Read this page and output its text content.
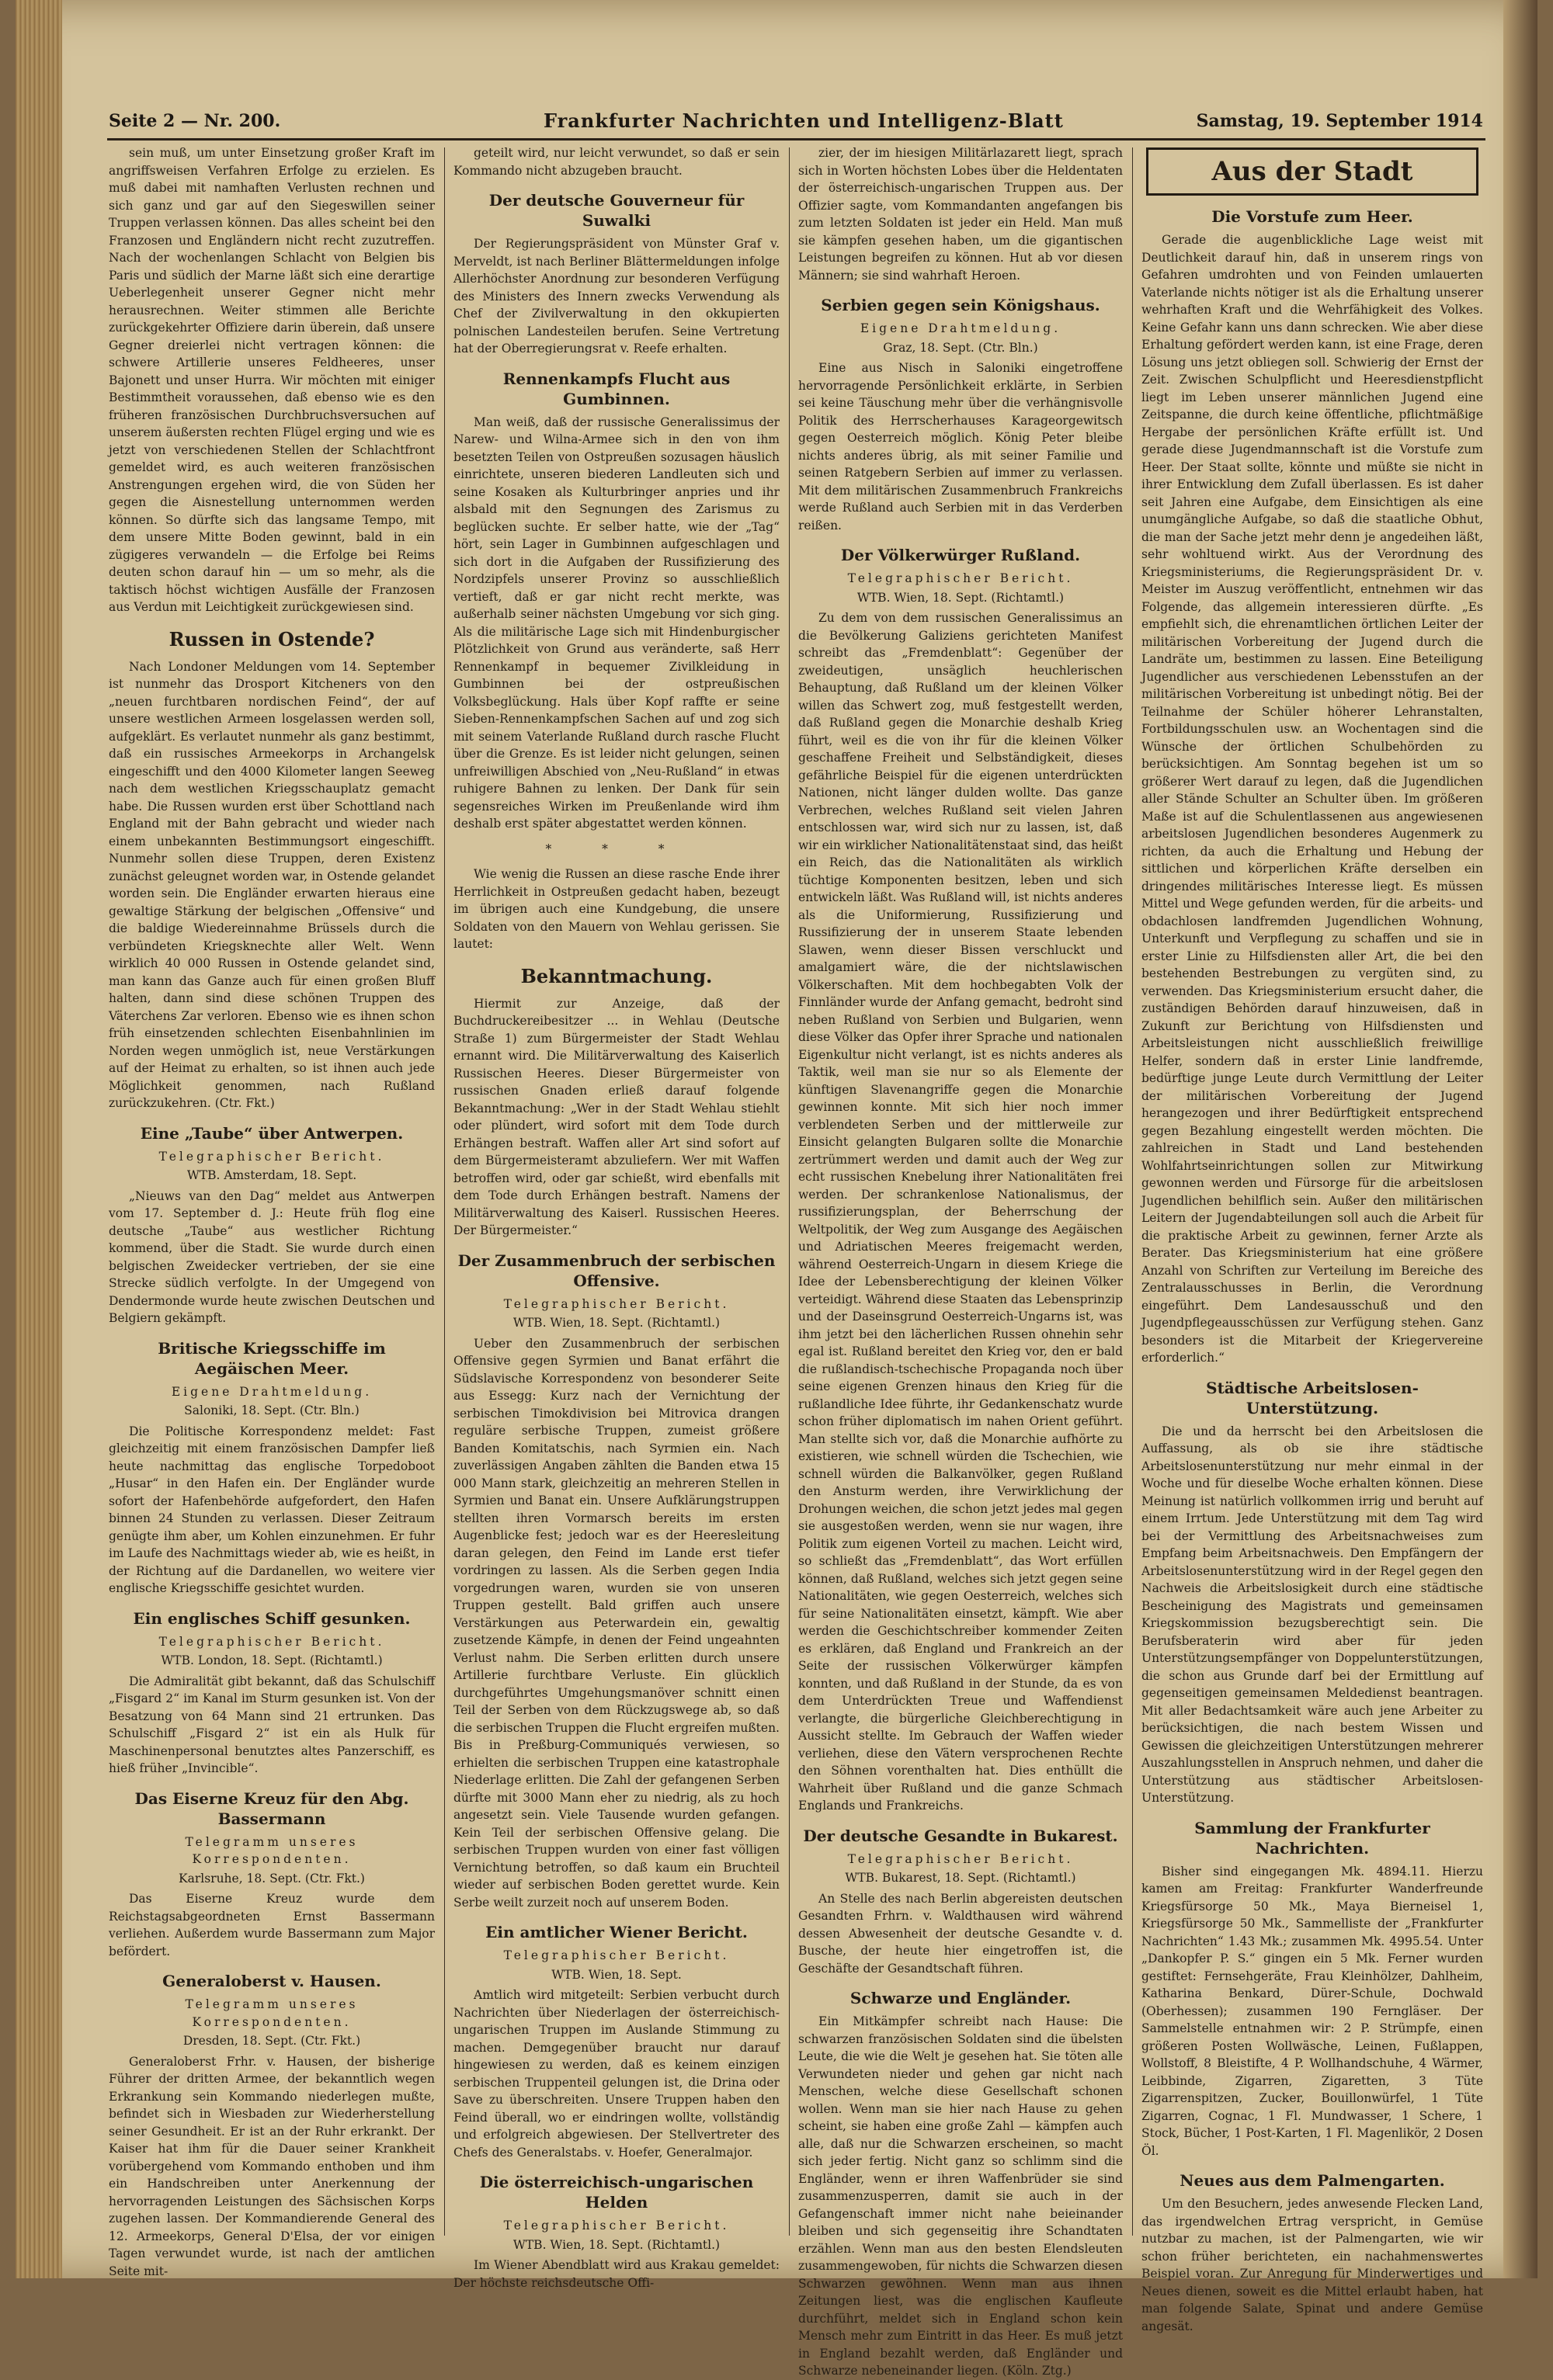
Seite 2 — Nr. 200.	Frankfurter Nachrichten und Intelligenz-Blatt	Samstag, 19. September 1914

sein muß, um unter Einsetzung großer Kraft im angriffsweisen Verfahren Erfolge zu erzielen. Es muß dabei mit namhaften Verlusten rechnen und sich ganz und gar auf den Siegeswillen seiner Truppen verlassen können. Das alles scheint bei den Franzosen und Engländern nicht recht zuzutreffen. Nach der wochenlangen Schlacht von Belgien bis Paris und südlich der Marne läßt sich eine derartige Ueberlegenheit unserer Gegner nicht mehr herausrechnen. Weiter stimmen alle Berichte zurückgekehrter Offiziere darin überein, daß unsere Gegner dreierlei nicht vertragen können: die schwere Artillerie unseres Feldheeres, unser Bajonett und unser Hurra. Wir möchten mit einiger Bestimmtheit voraussehen, daß ebenso wie es den früheren französischen Durchbruchsversuchen auf unserem äußersten rechten Flügel erging und wie es jetzt von verschiedenen Stellen der Schlachtfront gemeldet wird, es auch weiteren französischen Anstrengungen ergehen wird, die von Süden her gegen die Aisnestellung unternommen werden können. So dürfte sich das langsame Tempo, mit dem unsere Mitte Boden gewinnt, bald in ein zügigeres verwandeln — die Erfolge bei Reims deuten schon darauf hin — um so mehr, als die taktisch höchst wichtigen Ausfälle der Franzosen aus Verdun mit Leichtigkeit zurückgewiesen sind.

Russen in Ostende?

Nach Londoner Meldungen vom 14. September ist nunmehr das Drosport Kitcheners von den „neuen furchtbaren nordischen Feind“, der auf unsere westlichen Armeen losgelassen werden soll, aufgeklärt. Es verlautet nunmehr als ganz bestimmt, daß ein russisches Armeekorps in Archangelsk eingeschifft und den 4000 Kilometer langen Seeweg nach dem westlichen Kriegsschauplatz gemacht habe. Die Russen wurden erst über Schottland nach England mit der Bahn gebracht und wieder nach einem unbekannten Bestimmungsort eingeschifft. Nunmehr sollen diese Truppen, deren Existenz zunächst geleugnet worden war, in Ostende gelandet worden sein. Die Engländer erwarten hieraus eine gewaltige Stärkung der belgischen „Offensive“ und die baldige Wiedereinnahme Brüssels durch die verbündeten Kriegsknechte aller Welt. Wenn wirklich 40 000 Russen in Ostende gelandet sind, man kann das Ganze auch für einen großen Bluff halten, dann sind diese schönen Truppen des Väterchens Zar verloren. Ebenso wie es ihnen schon früh einsetzenden schlechten Eisenbahnlinien im Norden wegen unmöglich ist, neue Verstärkungen auf der Heimat zu erhalten, so ist ihnen auch jede Möglichkeit genommen, nach Rußland zurückzukehren. (Ctr. Fkt.)

Eine „Taube“ über Antwerpen.
Telegraphischer Bericht.
WTB. Amsterdam, 18. Sept.

„Nieuws van den Dag“ meldet aus Antwerpen vom 17. September d. J.: Heute früh flog eine deutsche „Taube“ aus westlicher Richtung kommend, über die Stadt. Sie wurde durch einen belgischen Zweidecker vertrieben, der sie eine Strecke südlich verfolgte. In der Umgegend von Dendermonde wurde heute zwischen Deutschen und Belgiern gekämpft.

Britische Kriegsschiffe im Aegäischen Meer.
Eigene Drahtmeldung.
Saloniki, 18. Sept. (Ctr. Bln.)

Die Politische Korrespondenz meldet: Fast gleichzeitig mit einem französischen Dampfer ließ heute nachmittag das englische Torpedoboot „Husar“ in den Hafen ein. Der Engländer wurde sofort der Hafenbehörde aufgefordert, den Hafen binnen 24 Stunden zu verlassen. Dieser Zeitraum genügte ihm aber, um Kohlen einzunehmen. Er fuhr im Laufe des Nachmittags wieder ab, wie es heißt, in der Richtung auf die Dardanellen, wo weitere vier englische Kriegsschiffe gesichtet wurden.

Ein englisches Schiff gesunken.
Telegraphischer Bericht.
WTB. London, 18. Sept. (Richtamtl.)

Die Admiralität gibt bekannt, daß das Schulschiff „Fisgard 2“ im Kanal im Sturm gesunken ist. Von der Besatzung von 64 Mann sind 21 ertrunken. Das Schulschiff „Fisgard 2“ ist ein als Hulk für Maschinenpersonal benutztes altes Panzerschiff, es hieß früher „Invincible“.

Das Eiserne Kreuz für den Abg. Bassermann
Telegramm unseres Korrespondenten.
Karlsruhe, 18. Sept. (Ctr. Fkt.)

Das Eiserne Kreuz wurde dem Reichstagsabgeordneten Ernst Bassermann verliehen. Außerdem wurde Bassermann zum Major befördert.

Generaloberst v. Hausen.
Telegramm unseres Korrespondenten.
Dresden, 18. Sept. (Ctr. Fkt.)

Generaloberst Frhr. v. Hausen, der bisherige Führer der dritten Armee, der bekanntlich wegen Erkrankung sein Kommando niederlegen mußte, befindet sich in Wiesbaden zur Wiederherstellung seiner Gesundheit. Er ist an der Ruhr erkrankt. Der Kaiser hat ihm für die Dauer seiner Krankheit vorübergehend vom Kommando enthoben und ihm ein Handschreiben unter Anerkennung der hervorragenden Leistungen des Sächsischen Korps zugehen lassen. Der Kommandierende General des 12. Armeekorps, General D'Elsa, der vor einigen Tagen verwundet wurde, ist nach der amtlichen Seite mit-

geteilt wird, nur leicht verwundet, so daß er sein Kommando nicht abzugeben braucht.

Der deutsche Gouverneur für Suwalki

Der Regierungspräsident von Münster Graf v. Merveldt, ist nach Berliner Blättermeldungen infolge Allerhöchster Anordnung zur besonderen Verfügung des Ministers des Innern zwecks Verwendung als Chef der Zivilverwaltung in den okkupierten polnischen Landesteilen berufen. Seine Vertretung hat der Oberregierungsrat v. Reefe erhalten.

Rennenkampfs Flucht aus Gumbinnen.

Man weiß, daß der russische Generalissimus der Narew- und Wilna-Armee sich in den von ihm besetzten Teilen von Ostpreußen sozusagen häuslich einrichtete, unseren biederen Landleuten sich und seine Kosaken als Kulturbringer anpries und ihr alsbald mit den Segnungen des Zarismus zu beglücken suchte. Er selber hatte, wie der „Tag“ hört, sein Lager in Gumbinnen aufgeschlagen und sich dort in die Aufgaben der Russifizierung des Nordzipfels unserer Provinz so ausschließlich vertieft, daß er gar nicht recht merkte, was außerhalb seiner nächsten Umgebung vor sich ging. Als die militärische Lage sich mit Hindenburgischer Plötzlichkeit von Grund aus veränderte, saß Herr Rennenkampf in bequemer Zivilkleidung in Gumbinnen bei der ostpreußischen Volksbeglückung. Hals über Kopf raffte er seine Sieben-Rennenkampfschen Sachen auf und zog sich mit seinem Vaterlande Rußland durch rasche Flucht über die Grenze. Es ist leider nicht gelungen, seinen unfreiwilligen Abschied von „Neu-Rußland“ in etwas ruhigere Bahnen zu lenken. Der Dank für sein segensreiches Wirken im Preußenlande wird ihm deshalb erst später abgestattet werden können.

* * *

Wie wenig die Russen an diese rasche Ende ihrer Herrlichkeit in Ostpreußen gedacht haben, bezeugt im übrigen auch eine Kundgebung, die unsere Soldaten von den Mauern von Wehlau gerissen. Sie lautet:

Bekanntmachung.

Hiermit zur Anzeige, daß der Buchdruckereibesitzer ... in Wehlau (Deutsche Straße 1) zum Bürgermeister der Stadt Wehlau ernannt wird. Die Militärverwaltung des Kaiserlich Russischen Heeres. Dieser Bürgermeister von russischen Gnaden erließ darauf folgende Bekanntmachung: „Wer in der Stadt Wehlau stiehlt oder plündert, wird sofort mit dem Tode durch Erhängen bestraft. Waffen aller Art sind sofort auf dem Bürgermeisteramt abzuliefern. Wer mit Waffen betroffen wird, oder gar schießt, wird ebenfalls mit dem Tode durch Erhängen bestraft. Namens der Militärverwaltung des Kaiserl. Russischen Heeres. Der Bürgermeister.“

Der Zusammenbruch der serbischen Offensive.
Telegraphischer Bericht.
WTB. Wien, 18. Sept. (Richtamtl.)

Ueber den Zusammenbruch der serbischen Offensive gegen Syrmien und Banat erfährt die Südslavische Korrespondenz von besonderer Seite aus Essegg: Kurz nach der Vernichtung der serbischen Timokdivision bei Mitrovica drangen reguläre serbische Truppen, zumeist größere Banden Komitatschis, nach Syrmien ein. Nach zuverlässigen Angaben zählten die Banden etwa 15 000 Mann stark, gleichzeitig an mehreren Stellen in Syrmien und Banat ein. Unsere Aufklärungstruppen stellten ihren Vormarsch bereits im ersten Augenblicke fest; jedoch war es der Heeresleitung daran gelegen, den Feind im Lande erst tiefer vordringen zu lassen. Als die Serben gegen India vorgedrungen waren, wurden sie von unseren Truppen gestellt. Bald griffen auch unsere Verstärkungen aus Peterwardein ein, gewaltig zusetzende Kämpfe, in denen der Feind ungeahnten Verlust nahm. Die Serben erlitten durch unsere Artillerie furchtbare Verluste. Ein glücklich durchgeführtes Umgehungsmanöver schnitt einen Teil der Serben von dem Rückzugswege ab, so daß die serbischen Truppen die Flucht ergreifen mußten. Bis in Preßburg-Communiqués verwiesen, so erhielten die serbischen Truppen eine katastrophale Niederlage erlitten. Die Zahl der gefangenen Serben dürfte mit 3000 Mann eher zu niedrig, als zu hoch angesetzt sein. Viele Tausende wurden gefangen. Kein Teil der serbischen Offensive gelang. Die serbischen Truppen wurden von einer fast völligen Vernichtung betroffen, so daß kaum ein Bruchteil wieder auf serbischen Boden gerettet wurde. Kein Serbe weilt zurzeit noch auf unserem Boden.

Ein amtlicher Wiener Bericht.
Telegraphischer Bericht.
WTB. Wien, 18. Sept.

Amtlich wird mitgeteilt: Serbien verbucht durch Nachrichten über Niederlagen der österreichisch-ungarischen Truppen im Auslande Stimmung zu machen. Demgegenüber braucht nur darauf hingewiesen zu werden, daß es keinem einzigen serbischen Truppenteil gelungen ist, die Drina oder Save zu überschreiten. Unsere Truppen haben den Feind überall, wo er eindringen wollte, vollständig und erfolgreich abgewiesen. Der Stellvertreter des Chefs des Generalstabs. v. Hoefer, Generalmajor.

Die österreichisch-ungarischen Helden
Telegraphischer Bericht.
WTB. Wien, 18. Sept. (Richtamtl.)

Im Wiener Abendblatt wird aus Krakau gemeldet: Der höchste reichsdeutsche Offi-

zier, der im hiesigen Militärlazarett liegt, sprach sich in Worten höchsten Lobes über die Heldentaten der österreichisch-ungarischen Truppen aus. Der Offizier sagte, vom Kommandanten angefangen bis zum letzten Soldaten ist jeder ein Held. Man muß sie kämpfen gesehen haben, um die gigantischen Leistungen begreifen zu können. Hut ab vor diesen Männern; sie sind wahrhaft Heroen.

Serbien gegen sein Königshaus.
Eigene Drahtmeldung.
Graz, 18. Sept. (Ctr. Bln.)

Eine aus Nisch in Saloniki eingetroffene hervorragende Persönlichkeit erklärte, in Serbien sei keine Täuschung mehr über die verhängnisvolle Politik des Herrscherhauses Karageorgewitsch gegen Oesterreich möglich. König Peter bleibe nichts anderes übrig, als mit seiner Familie und seinen Ratgebern Serbien auf immer zu verlassen. Mit dem militärischen Zusammenbruch Frankreichs werde Rußland auch Serbien mit in das Verderben reißen.

Der Völkerwürger Rußland.
Telegraphischer Bericht.
WTB. Wien, 18. Sept. (Richtamtl.)

Zu dem von dem russischen Generalissimus an die Bevölkerung Galiziens gerichteten Manifest schreibt das „Fremdenblatt“: Gegenüber der zweideutigen, unsäglich heuchlerischen Behauptung, daß Rußland um der kleinen Völker willen das Schwert zog, muß festgestellt werden, daß Rußland gegen die Monarchie deshalb Krieg führt, weil es die von ihr für die kleinen Völker geschaffene Freiheit und Selbständigkeit, dieses gefährliche Beispiel für die eigenen unterdrückten Nationen, nicht länger dulden wollte. Das ganze Verbrechen, welches Rußland seit vielen Jahren entschlossen war, wird sich nur zu lassen, ist, daß wir ein wirklicher Nationalitätenstaat sind, das heißt ein Reich, das die Nationalitäten als wirklich tüchtige Komponenten besitzen, leben und sich entwickeln läßt. Was Rußland will, ist nichts anderes als die Uniformierung, Russifizierung und Russifizierung der in unserem Staate lebenden Slawen, wenn dieser Bissen verschluckt und amalgamiert wäre, die der nichtslawischen Völkerschaften. Mit dem hochbegabten Volk der Finnländer wurde der Anfang gemacht, bedroht sind neben Rußland von Serbien und Bulgarien, wenn diese Völker das Opfer ihrer Sprache und nationalen Eigenkultur nicht verlangt, ist es nichts anderes als Taktik, weil man sie nur so als Elemente der künftigen Slavenangriffe gegen die Monarchie gewinnen konnte. Mit sich hier noch immer verblendeten Serben und der mittlerweile zur Einsicht gelangten Bulgaren sollte die Monarchie zertrümmert werden und damit auch der Weg zur echt russischen Knebelung ihrer Nationalitäten frei werden. Der schrankenlose Nationalismus, der russifizierungsplan, der Beherrschung der Weltpolitik, der Weg zum Ausgange des Aegäischen und Adriatischen Meeres freigemacht werden, während Oesterreich-Ungarn in diesem Kriege die Idee der Lebensberechtigung der kleinen Völker verteidigt. Während diese Staaten das Lebensprinzip und der Daseinsgrund Oesterreich-Ungarns ist, was ihm jetzt bei den lächerlichen Russen ohnehin sehr egal ist. Rußland bereitet den Krieg vor, den er bald die rußlandisch-tschechische Propaganda noch über seine eigenen Grenzen hinaus den Krieg für die rußlandliche Idee führte, ihr Gedankenschatz wurde schon früher diplomatisch im nahen Orient geführt. Man stellte sich vor, daß die Monarchie aufhörte zu existieren, wie schnell würden die Tschechien, wie schnell würden die Balkanvölker, gegen Rußland den Ansturm werden, ihre Verwirklichung der Drohungen weichen, die schon jetzt jedes mal gegen sie ausgestoßen werden, wenn sie nur wagen, ihre Politik zum eigenen Vorteil zu machen. Leicht wird, so schließt das „Fremdenblatt“, das Wort erfüllen können, daß Rußland, welches sich jetzt gegen seine Nationalitäten, wie gegen Oesterreich, welches sich für seine Nationalitäten einsetzt, kämpft. Wie aber werden die Geschichtschreiber kommender Zeiten es erklären, daß England und Frankreich an der Seite der russischen Völkerwürger kämpfen konnten, und daß Rußland in der Stunde, da es von dem Unterdrückten Treue und Waffendienst verlangte, die bürgerliche Gleichberechtigung in Aussicht stellte. Im Gebrauch der Waffen wieder verliehen, diese den Vätern versprochenen Rechte den Söhnen vorenthalten hat. Dies enthüllt die Wahrheit über Rußland und die ganze Schmach Englands und Frankreichs.

Der deutsche Gesandte in Bukarest.
Telegraphischer Bericht.
WTB. Bukarest, 18. Sept. (Richtamtl.)

An Stelle des nach Berlin abgereisten deutschen Gesandten Frhrn. v. Waldthausen wird während dessen Abwesenheit der deutsche Gesandte v. d. Busche, der heute hier eingetroffen ist, die Geschäfte der Gesandtschaft führen.

Schwarze und Engländer.

Ein Mitkämpfer schreibt nach Hause: Die schwarzen französischen Soldaten sind die übelsten Leute, die wie die Welt je gesehen hat. Sie töten alle Verwundeten nieder und gehen gar nicht nach Menschen, welche diese Gesellschaft schonen wollen. Wenn man sie hier nach Hause zu gehen scheint, sie haben eine große Zahl — kämpfen auch alle, daß nur die Schwarzen erscheinen, so macht sich jeder fertig. Nicht ganz so schlimm sind die Engländer, wenn er ihren Waffenbrüder sie sind zusammenzusperren, damit sie auch in der Gefangenschaft immer nicht nahe beieinander bleiben und sich gegenseitig ihre Schandtaten erzählen. Wenn man aus den besten Elendsleuten zusammengewoben, für nichts die Schwarzen diesen Schwarzen gewöhnen. Wenn man aus ihnen Zeitungen liest, was die englischen Kaufleute durchführt, meldet sich in England schon kein Mensch mehr zum Eintritt in das Heer. Es muß jetzt in England bezahlt werden, daß Engländer und Schwarze nebeneinander liegen. (Köln. Ztg.)

Aus der Stadt
Die Vorstufe zum Heer.

Gerade die augenblickliche Lage weist mit Deutlichkeit darauf hin, daß in unserem rings von Gefahren umdrohten und von Feinden umlauerten Vaterlande nichts nötiger ist als die Erhaltung unserer wehrhaften Kraft und die Wehrfähigkeit des Volkes. Keine Gefahr kann uns dann schrecken. Wie aber diese Erhaltung gefördert werden kann, ist eine Frage, deren Lösung uns jetzt obliegen soll. Schwierig der Ernst der Zeit. Zwischen Schulpflicht und Heeresdienstpflicht liegt im Leben unserer männlichen Jugend eine Zeitspanne, die durch keine öffentliche, pflichtmäßige Hergabe der persönlichen Kräfte erfüllt ist. Und gerade diese Jugendmannschaft ist die Vorstufe zum Heer. Der Staat sollte, könnte und müßte sie nicht in ihrer Entwicklung dem Zufall überlassen. Es ist daher seit Jahren eine Aufgabe, dem Einsichtigen als eine unumgängliche Aufgabe, so daß die staatliche Obhut, die man der Sache jetzt mehr denn je angedeihen läßt, sehr wohltuend wirkt. Aus der Verordnung des Kriegsministeriums, die Regierungspräsident Dr. v. Meister im Auszug veröffentlicht, entnehmen wir das Folgende, das allgemein interessieren dürfte. „Es empfiehlt sich, die ehrenamtlichen örtlichen Leiter der militärischen Vorbereitung der Jugend durch die Landräte um, bestimmen zu lassen. Eine Beteiligung Jugendlicher aus verschiedenen Lebensstufen an der militärischen Vorbereitung ist unbedingt nötig. Bei der Teilnahme der Schüler höherer Lehranstalten, Fortbildungsschulen usw. an Wochentagen sind die Wünsche der örtlichen Schulbehörden zu berücksichtigen. Am Sonntag begehen ist um so größerer Wert darauf zu legen, daß die Jugendlichen aller Stände Schulter an Schulter üben. Im größeren Maße ist auf die Schulentlassenen aus angewiesenen arbeitslosen Jugendlichen besonderes Augenmerk zu richten, da auch die Erhaltung und Hebung der sittlichen und körperlichen Kräfte derselben ein dringendes militärisches Interesse liegt. Es müssen Mittel und Wege gefunden werden, für die arbeits- und obdachlosen landfremden Jugendlichen Wohnung, Unterkunft und Verpflegung zu schaffen und sie in erster Linie zu Hilfsdiensten aller Art, die bei den bestehenden Bestrebungen zu vergüten sind, zu verwenden. Das Kriegsministerium ersucht daher, die zuständigen Behörden darauf hinzuweisen, daß in Zukunft zur Berichtung von Hilfsdiensten und Arbeitsleistungen nicht ausschließlich freiwillige Helfer, sondern daß in erster Linie landfremde, bedürftige junge Leute durch Vermittlung der Leiter der militärischen Vorbereitung der Jugend herangezogen und ihrer Bedürftigkeit entsprechend gegen Bezahlung eingestellt werden möchten. Die zahlreichen in Stadt und Land bestehenden Wohlfahrtseinrichtungen sollen zur Mitwirkung gewonnen werden und Fürsorge für die arbeitslosen Jugendlichen behilflich sein. Außer den militärischen Leitern der Jugendabteilungen soll auch die Arbeit für die praktische Arbeit zu gewinnen, ferner Arzte als Berater. Das Kriegsministerium hat eine größere Anzahl von Schriften zur Verteilung im Bereiche des Zentralausschusses in Berlin, die Verordnung eingeführt. Dem Landesausschuß und den Jugendpflegeausschüssen zur Verfügung stehen. Ganz besonders ist die Mitarbeit der Kriegervereine erforderlich.“

Städtische Arbeitslosen-Unterstützung.

Die und da herrscht bei den Arbeitslosen die Auffassung, als ob sie ihre städtische Arbeitslosenunterstützung nur mehr einmal in der Woche und für dieselbe Woche erhalten können. Diese Meinung ist natürlich vollkommen irrig und beruht auf einem Irrtum. Jede Unterstützung mit dem Tag wird bei der Vermittlung des Arbeitsnachweises zum Empfang beim Arbeitsnachweis. Den Empfängern der Arbeitslosenunterstützung wird in der Regel gegen den Nachweis die Arbeitslosigkeit durch eine städtische Bescheinigung des Magistrats und gemeinsamen Kriegskommission bezugsberechtigt sein. Die Berufsberaterin wird aber für jeden Unterstützungsempfänger von Doppelunterstützungen, die schon aus Grunde darf bei der Ermittlung auf gegenseitigen gemeinsamen Meldedienst beantragen. Mit aller Bedachtsamkeit wäre auch jene Arbeiter zu berücksichtigen, die nach bestem Wissen und Gewissen die gleichzeitigen Unterstützungen mehrerer Auszahlungsstellen in Anspruch nehmen, und daher die Unterstützung aus städtischer Arbeitslosen-Unterstützung.

Sammlung der Frankfurter Nachrichten.

Bisher sind eingegangen Mk. 4894.11. Hierzu kamen am Freitag: Frankfurter Wanderfreunde Kriegsfürsorge 50 Mk., Maya Bierneisel 1, Kriegsfürsorge 50 Mk., Sammelliste der „Frankfurter Nachrichten“ 1.43 Mk.; zusammen Mk. 4995.54. Unter „Dankopfer P. S.“ gingen ein 5 Mk. Ferner wurden gestiftet: Fernsehgeräte, Frau Kleinhölzer, Dahlheim, Katharina Benkard, Dürer-Schule, Dochwald (Oberhessen); zusammen 190 Ferngläser. Der Sammelstelle entnahmen wir: 2 P. Strümpfe, einen größeren Posten Wollwäsche, Leinen, Fußlappen, Wollstoff, 8 Bleistifte, 4 P. Wollhandschuhe, 4 Wärmer, Leibbinde, Zigarren, Zigaretten, 3 Tüte Zigarrenspitzen, Zucker, Bouillonwürfel, 1 Tüte Zigarren, Cognac, 1 Fl. Mundwasser, 1 Schere, 1 Stock, Bücher, 1 Post-Karten, 1 Fl. Magenlikör, 2 Dosen Öl.

Neues aus dem Palmengarten.

Um den Besuchern, jedes anwesende Flecken Land, das irgendwelchen Ertrag verspricht, in Gemüse nutzbar zu machen, ist der Palmengarten, wie wir schon früher berichteten, ein nachahmenswertes Beispiel voran. Zur Anregung für Minderwertiges und Neues dienen, soweit es die Mittel erlaubt haben, hat man folgende Salate, Spinat und andere Gemüse angesät.
